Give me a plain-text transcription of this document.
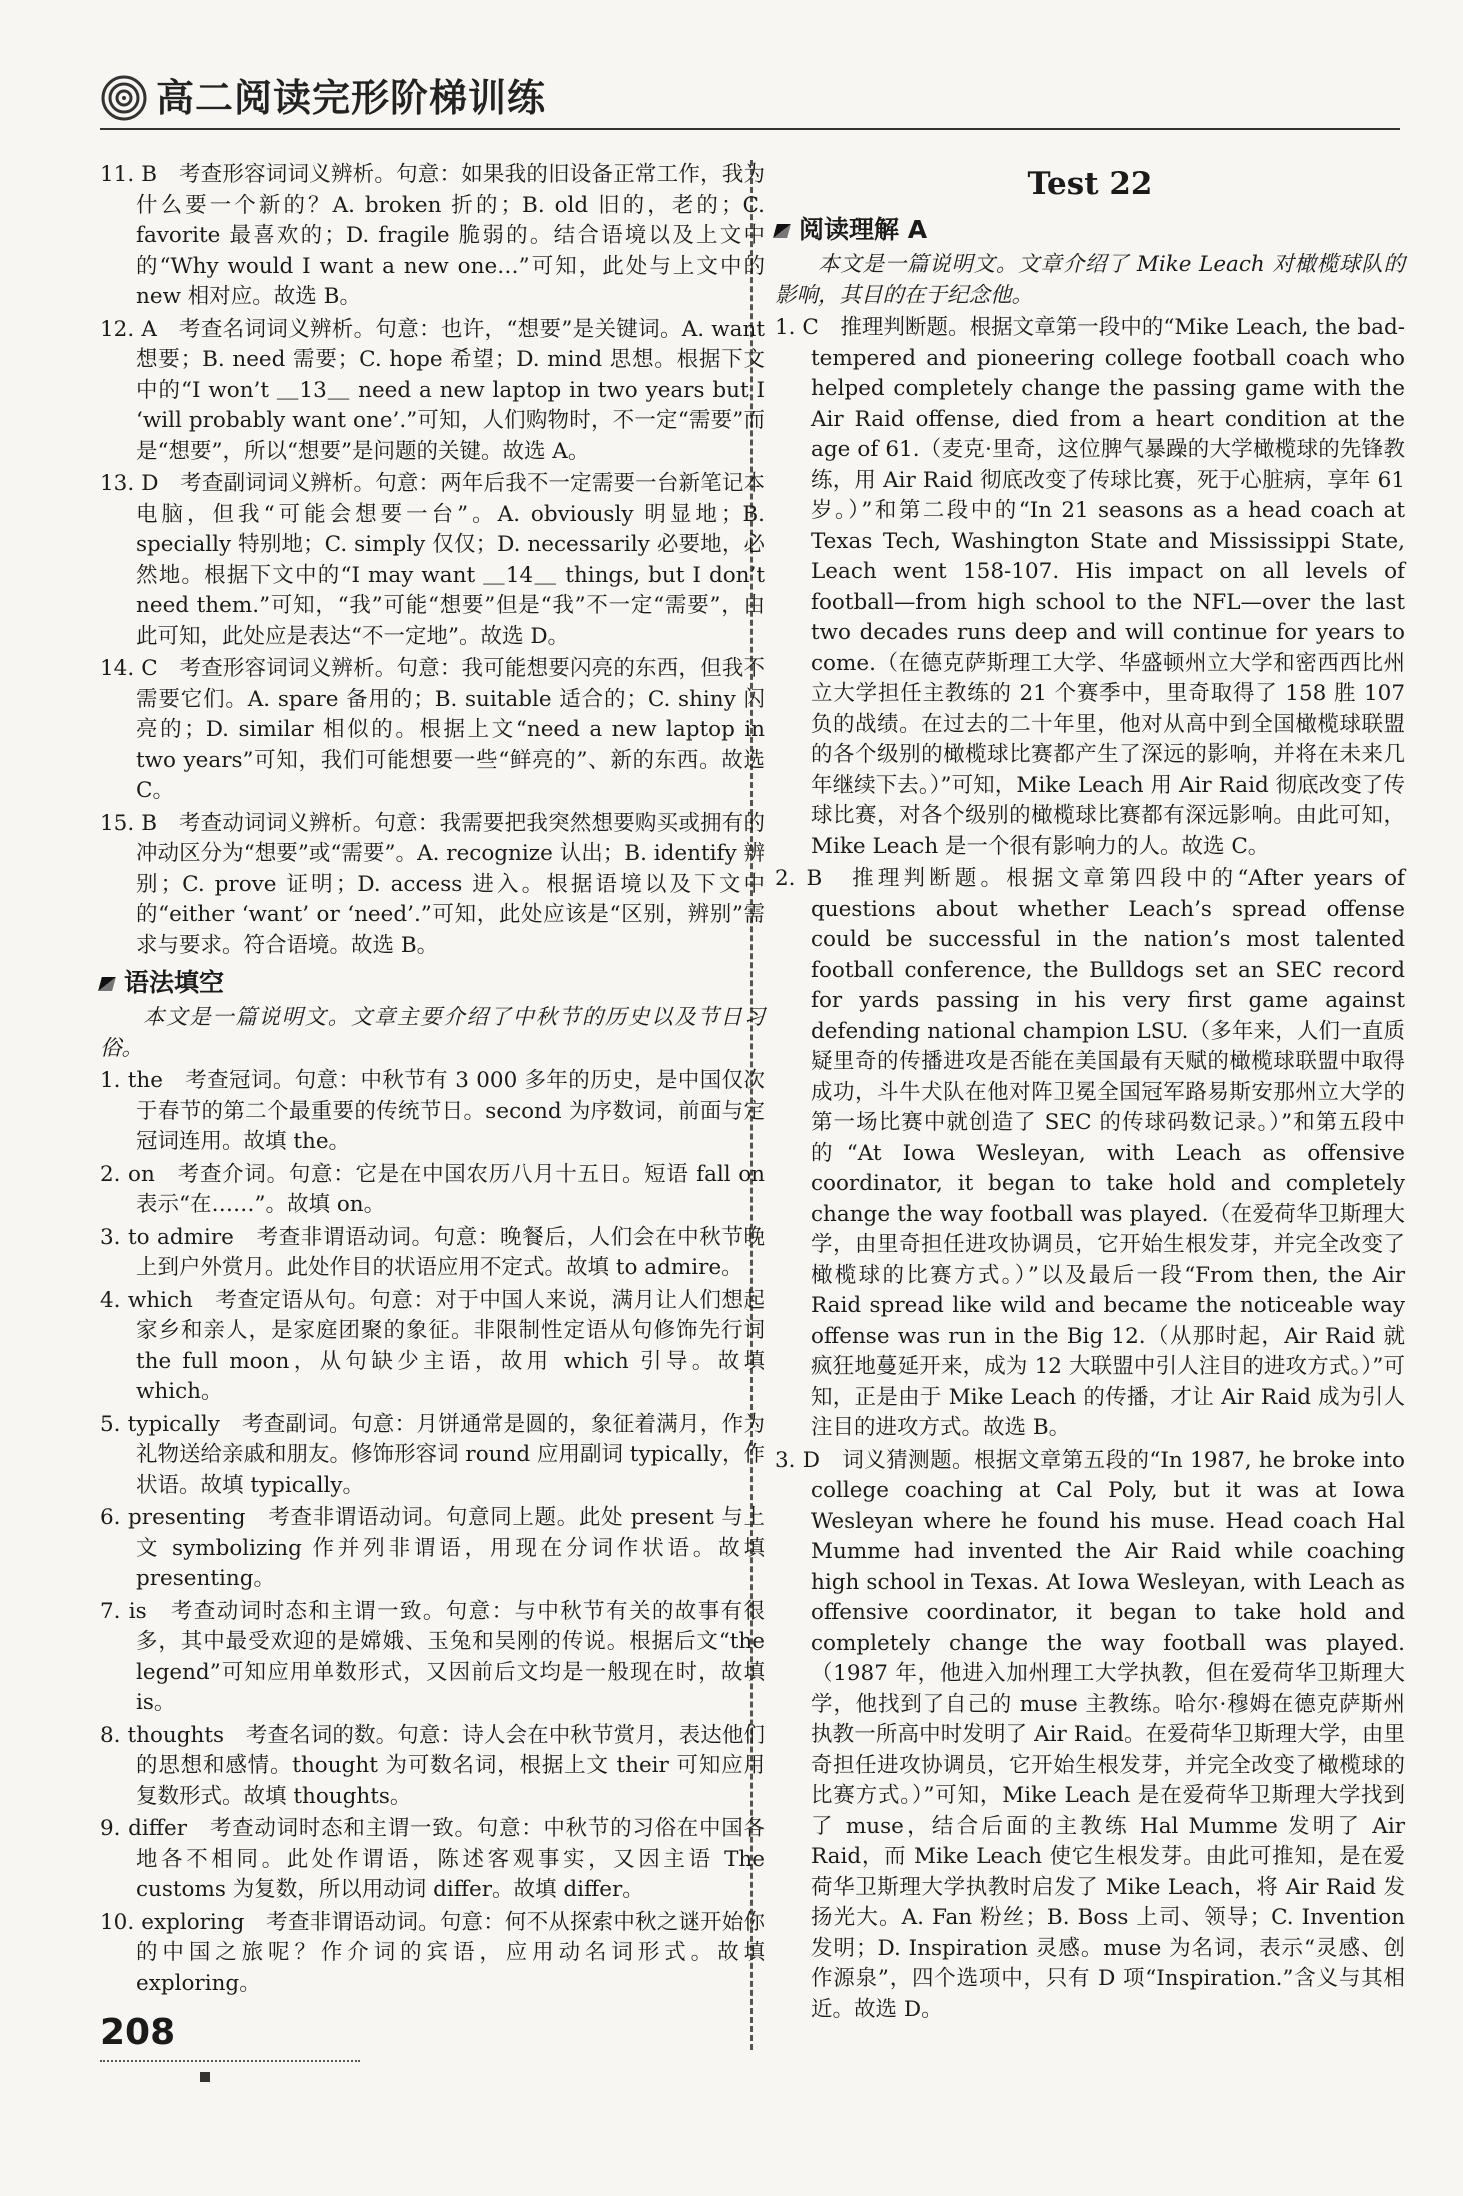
高二阅读完形阶梯训练

11. B　考查形容词词义辨析。句意：如果我的旧设备正常工作，我为什么要一个新的？A. broken 折的；B. old 旧的，老的；C. favorite 最喜欢的；D. fragile 脆弱的。结合语境以及上文中的“Why would I want a new one…”可知，此处与上文中的 new 相对应。故选 B。

12. A　考查名词词义辨析。句意：也许，“想要”是关键词。A. want 想要；B. need 需要；C. hope 希望；D. mind 思想。根据下文中的“I won’t ＿13＿ need a new laptop in two years but I ‘will probably want one’.”可知，人们购物时，不一定“需要”而是“想要”，所以“想要”是问题的关键。故选 A。

13. D　考查副词词义辨析。句意：两年后我不一定需要一台新笔记本电脑，但我“可能会想要一台”。A. obviously 明显地；B. specially 特别地；C. simply 仅仅；D. necessarily 必要地，必然地。根据下文中的“I may want ＿14＿ things, but I don’t need them.”可知，“我”可能“想要”但是“我”不一定“需要”，由此可知，此处应是表达“不一定地”。故选 D。

14. C　考查形容词词义辨析。句意：我可能想要闪亮的东西，但我不需要它们。A. spare 备用的；B. suitable 适合的；C. shiny 闪亮的；D. similar 相似的。根据上文“need a new laptop in two years”可知，我们可能想要一些“鲜亮的”、新的东西。故选 C。

15. B　考查动词词义辨析。句意：我需要把我突然想要购买或拥有的冲动区分为“想要”或“需要”。A. recognize 认出；B. identify 辨别；C. prove 证明；D. access 进入。根据语境以及下文中的“either ‘want’ or ‘need’.”可知，此处应该是“区别，辨别”需求与要求。符合语境。故选 B。

语法填空

本文是一篇说明文。文章主要介绍了中秋节的历史以及节日习俗。

1. the　考查冠词。句意：中秋节有 3 000 多年的历史，是中国仅次于春节的第二个最重要的传统节日。second 为序数词，前面与定冠词连用。故填 the。

2. on　考查介词。句意：它是在中国农历八月十五日。短语 fall on 表示“在……”。故填 on。

3. to admire　考查非谓语动词。句意：晚餐后，人们会在中秋节晚上到户外赏月。此处作目的状语应用不定式。故填 to admire。

4. which　考查定语从句。句意：对于中国人来说，满月让人们想起家乡和亲人，是家庭团聚的象征。非限制性定语从句修饰先行词 the full moon，从句缺少主语，故用 which 引导。故填 which。

5. typically　考查副词。句意：月饼通常是圆的，象征着满月，作为礼物送给亲戚和朋友。修饰形容词 round 应用副词 typically，作状语。故填 typically。

6. presenting　考查非谓语动词。句意同上题。此处 present 与上文 symbolizing 作并列非谓语，用现在分词作状语。故填 presenting。

7. is　考查动词时态和主谓一致。句意：与中秋节有关的故事有很多，其中最受欢迎的是嫦娥、玉兔和吴刚的传说。根据后文“the legend”可知应用单数形式，又因前后文均是一般现在时，故填 is。

8. thoughts　考查名词的数。句意：诗人会在中秋节赏月，表达他们的思想和感情。thought 为可数名词，根据上文 their 可知应用复数形式。故填 thoughts。

9. differ　考查动词时态和主谓一致。句意：中秋节的习俗在中国各地各不相同。此处作谓语，陈述客观事实，又因主语 The customs 为复数，所以用动词 differ。故填 differ。

10. exploring　考查非谓语动词。句意：何不从探索中秋之谜开始你的中国之旅呢？作介词的宾语，应用动名词形式。故填 exploring。

Test 22
阅读理解 A

本文是一篇说明文。文章介绍了 Mike Leach 对橄榄球队的影响，其目的在于纪念他。

1. C　推理判断题。根据文章第一段中的“Mike Leach, the bad-tempered and pioneering college football coach who helped completely change the passing game with the Air Raid offense, died from a heart condition at the age of 61.（麦克·里奇，这位脾气暴躁的大学橄榄球的先锋教练，用 Air Raid 彻底改变了传球比赛，死于心脏病，享年 61 岁。）”和第二段中的“In 21 seasons as a head coach at Texas Tech, Washington State and Mississippi State, Leach went 158-107. His impact on all levels of football—from high school to the NFL—over the last two decades runs deep and will continue for years to come.（在德克萨斯理工大学、华盛顿州立大学和密西西比州立大学担任主教练的 21 个赛季中，里奇取得了 158 胜 107 负的战绩。在过去的二十年里，他对从高中到全国橄榄球联盟的各个级别的橄榄球比赛都产生了深远的影响，并将在未来几年继续下去。）”可知，Mike Leach 用 Air Raid 彻底改变了传球比赛，对各个级别的橄榄球比赛都有深远影响。由此可知，Mike Leach 是一个很有影响力的人。故选 C。

2. B　推理判断题。根据文章第四段中的“After years of questions about whether Leach’s spread offense could be successful in the nation’s most talented football conference, the Bulldogs set an SEC record for yards passing in his very first game against defending national champion LSU.（多年来，人们一直质疑里奇的传播进攻是否能在美国最有天赋的橄榄球联盟中取得成功，斗牛犬队在他对阵卫冕全国冠军路易斯安那州立大学的第一场比赛中就创造了 SEC 的传球码数记录。）”和第五段中的“At Iowa Wesleyan, with Leach as offensive coordinator, it began to take hold and completely change the way football was played.（在爱荷华卫斯理大学，由里奇担任进攻协调员，它开始生根发芽，并完全改变了橄榄球的比赛方式。）”以及最后一段“From then, the Air Raid spread like wild and became the noticeable way offense was run in the Big 12.（从那时起，Air Raid 就疯狂地蔓延开来，成为 12 大联盟中引人注目的进攻方式。）”可知，正是由于 Mike Leach 的传播，才让 Air Raid 成为引人注目的进攻方式。故选 B。

3. D　词义猜测题。根据文章第五段的“In 1987, he broke into college coaching at Cal Poly, but it was at Iowa Wesleyan where he found his muse. Head coach Hal Mumme had invented the Air Raid while coaching high school in Texas. At Iowa Wesleyan, with Leach as offensive coordinator, it began to take hold and completely change the way football was played.（1987 年，他进入加州理工大学执教，但在爱荷华卫斯理大学，他找到了自己的 muse 主教练。哈尔·穆姆在德克萨斯州执教一所高中时发明了 Air Raid。在爱荷华卫斯理大学，由里奇担任进攻协调员，它开始生根发芽，并完全改变了橄榄球的比赛方式。）”可知，Mike Leach 是在爱荷华卫斯理大学找到了 muse，结合后面的主教练 Hal Mumme 发明了 Air Raid，而 Mike Leach 使它生根发芽。由此可推知，是在爱荷华卫斯理大学执教时启发了 Mike Leach，将 Air Raid 发扬光大。A. Fan 粉丝；B. Boss 上司、领导；C. Invention 发明；D. Inspiration 灵感。muse 为名词，表示“灵感、创作源泉”，四个选项中，只有 D 项“Inspiration.”含义与其相近。故选 D。

208
